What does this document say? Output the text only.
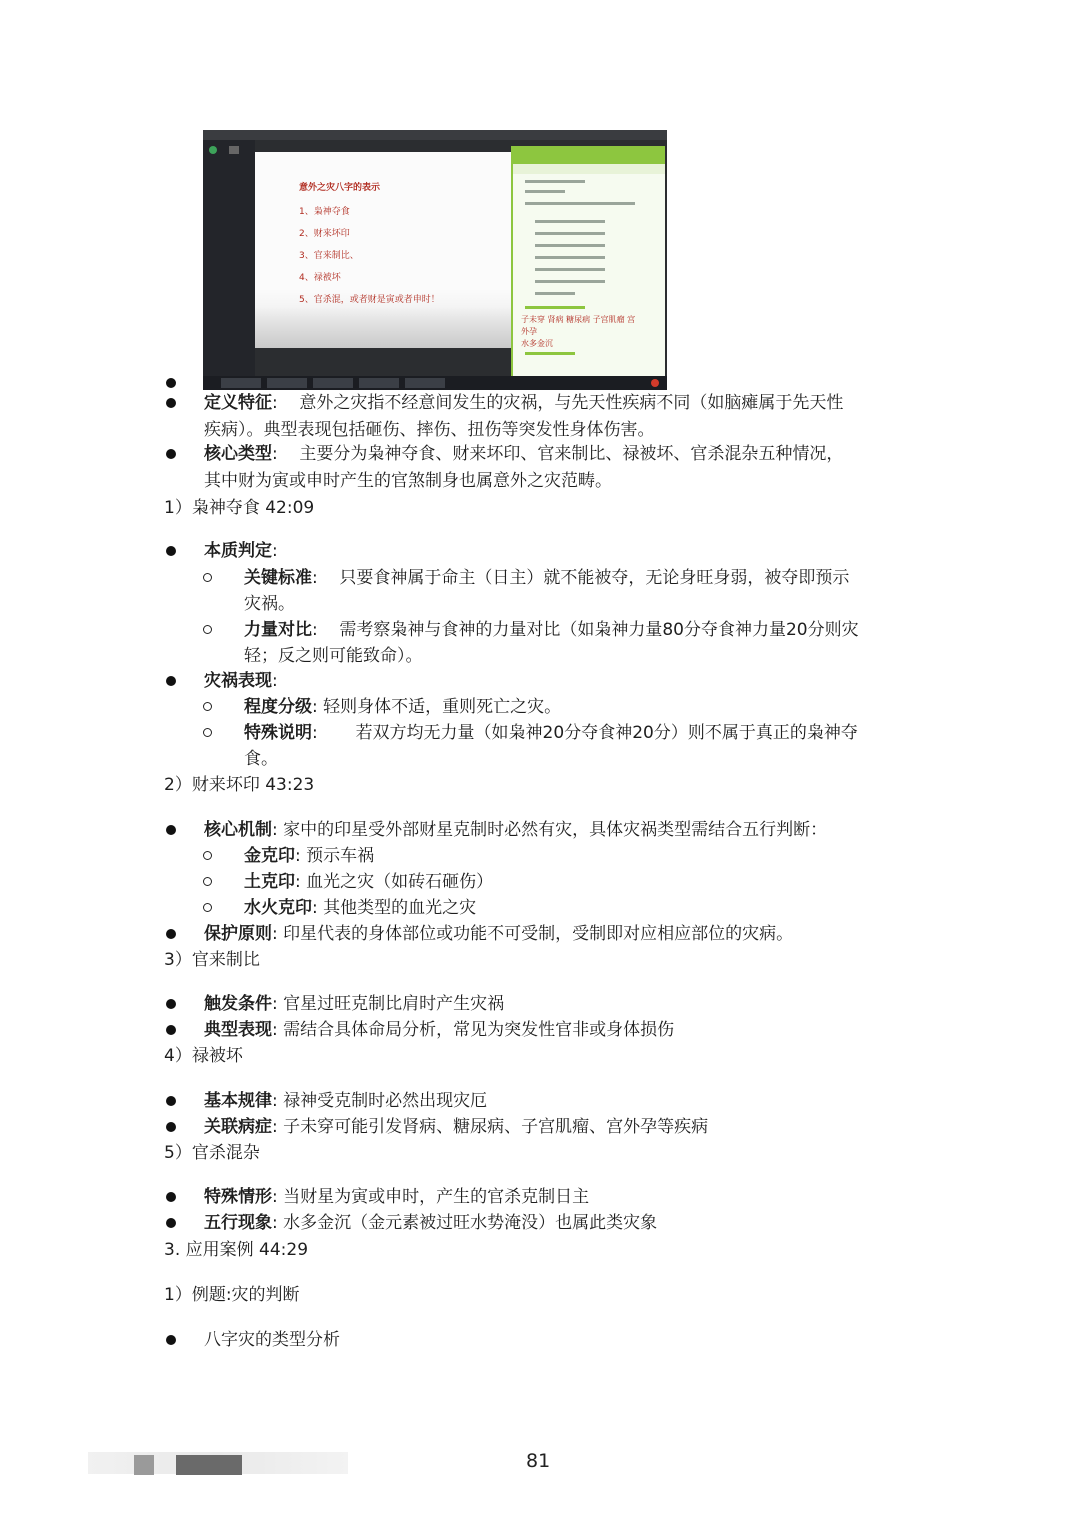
意外之灾八字的表示
1、枭神夺食
2、财来坏印
3、官来制比、
4、禄被坏
5、官杀混，或者财是寅或者申时！
子未穿 肾病 糖尿病 子宫肌瘤 宫
外孕
水多金沉
定义特征:    意外之灾指不经意间发生的灾祸，与先天性疾病不同（如脑瘫属于先天性
疾病）。典型表现包括砸伤、摔伤、扭伤等突发性身体伤害。
核心类型:    主要分为枭神夺食、财来坏印、官来制比、禄被坏、官杀混杂五种情况，
其中财为寅或申时产生的官煞制身也属意外之灾范畴。
1）枭神夺食 42:09
本质判定:
关键标准:    只要食神属于命主（日主）就不能被夺，无论身旺身弱，被夺即预示
灾祸。
力量对比:    需考察枭神与食神的力量对比（如枭神力量80分夺食神力量20分则灾
轻；反之则可能致命）。
灾祸表现:
程度分级: 轻则身体不适，重则死亡之灾。
特殊说明:       若双方均无力量（如枭神20分夺食神20分）则不属于真正的枭神夺
食。
2）财来坏印 43:23
核心机制: 家中的印星受外部财星克制时必然有灾，具体灾祸类型需结合五行判断：
金克印: 预示车祸
土克印: 血光之灾（如砖石砸伤）
水火克印: 其他类型的血光之灾
保护原则: 印星代表的身体部位或功能不可受制，受制即对应相应部位的灾病。
3）官来制比
触发条件: 官星过旺克制比肩时产生灾祸
典型表现: 需结合具体命局分析，常见为突发性官非或身体损伤
4）禄被坏
基本规律: 禄神受克制时必然出现灾厄
关联病症: 子未穿可能引发肾病、糖尿病、子宫肌瘤、宫外孕等疾病
5）官杀混杂
特殊情形: 当财星为寅或申时，产生的官杀克制日主
五行现象: 水多金沉（金元素被过旺水势淹没）也属此类灾象
3. 应用案例 44:29
1）例题:灾的判断
八字灾的类型分析
81
